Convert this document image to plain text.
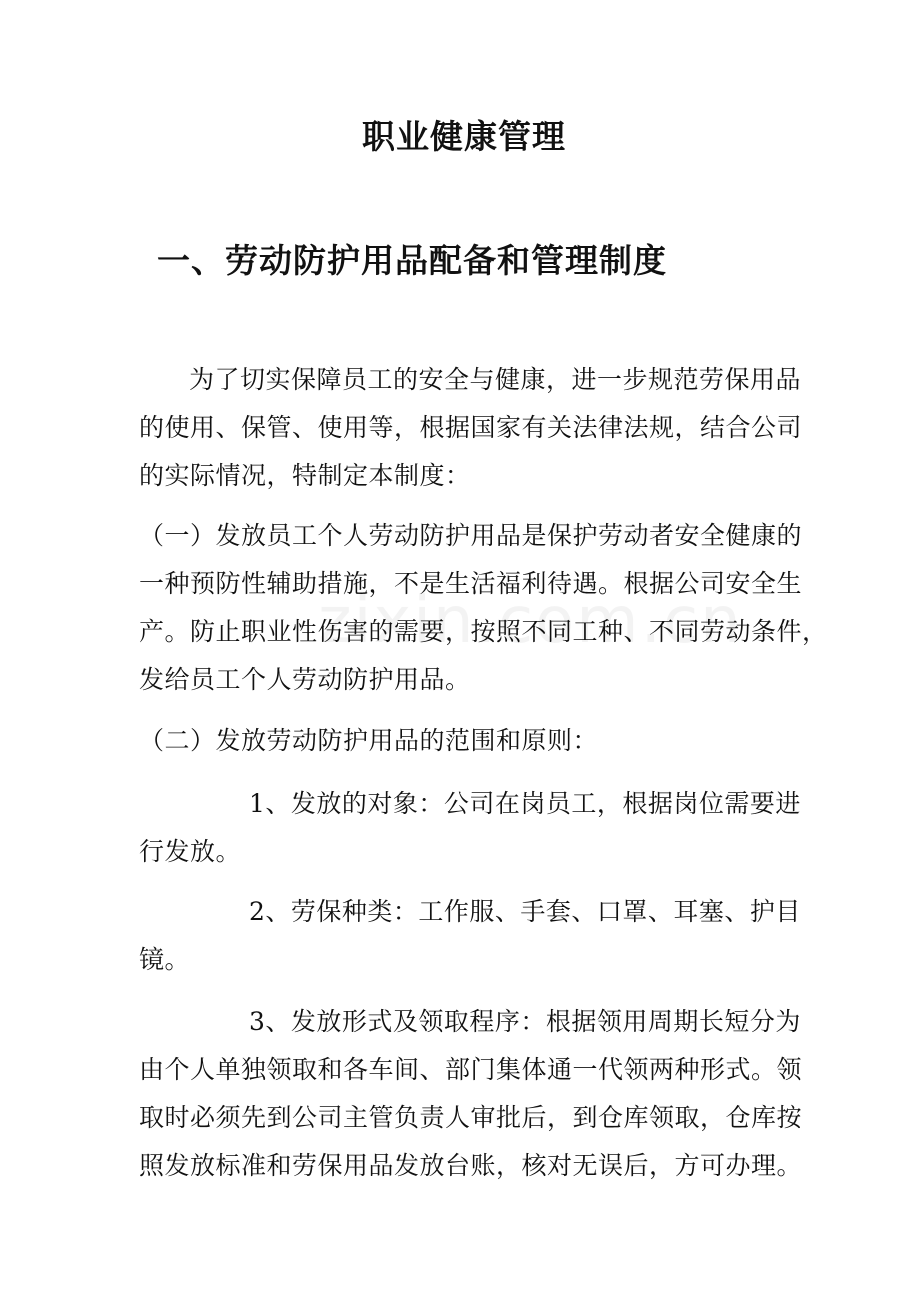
职业健康管理
一、劳动防护用品配备和管理制度
为了切实保障员工的安全与健康，进一步规范劳保用品
的使用、保管、使用等，根据国家有关法律法规，结合公司
的实际情况，特制定本制度：
（一）发放员工个人劳动防护用品是保护劳动者安全健康的
一种预防性辅助措施，不是生活福利待遇。根据公司安全生
产。防止职业性伤害的需要，按照不同工种、不同劳动条件，
发给员工个人劳动防护用品。
（二）发放劳动防护用品的范围和原则：
1、发放的对象：公司在岗员工，根据岗位需要进
行发放。
2、劳保种类：工作服、手套、口罩、耳塞、护目
镜。
3、发放形式及领取程序：根据领用周期长短分为
由个人单独领取和各车间、部门集体通一代领两种形式。领
取时必须先到公司主管负责人审批后，到仓库领取，仓库按
照发放标准和劳保用品发放台账，核对无误后，方可办理。
